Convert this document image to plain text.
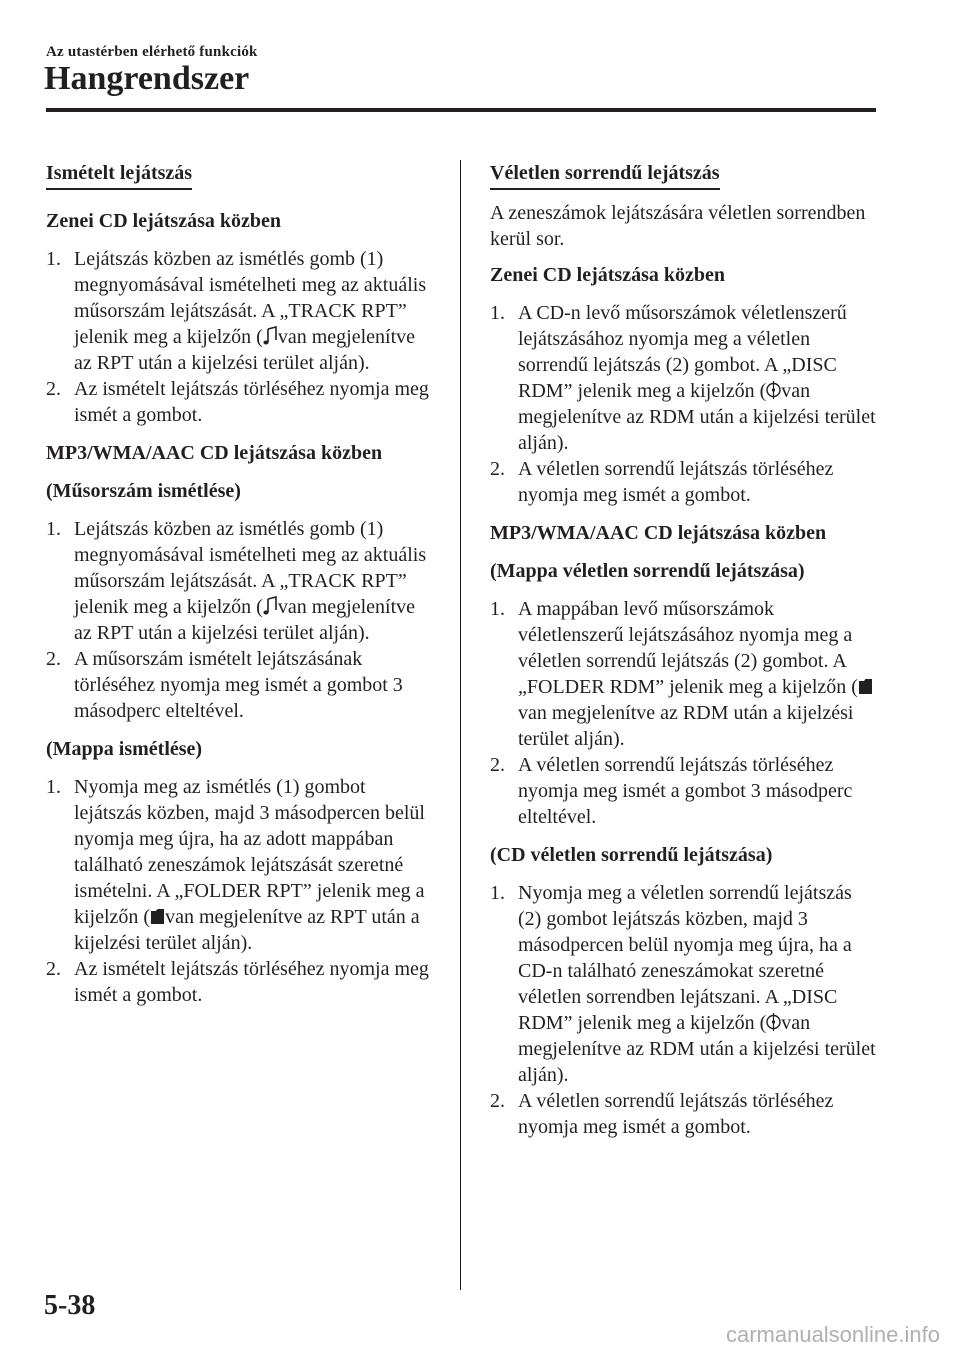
Az utastérben elérhető funkciók
Hangrendszer
Ismételt lejátszás
Zenei CD lejátszása közben
1. Lejátszás közben az ismétlés gomb (1) megnyomásával ismételheti meg az aktuális műsorszám lejátszását. A „TRACK RPT” jelenik meg a kijelzőn ( van megjelenítve az RPT után a kijelzési terület alján).
2. Az ismételt lejátszás törléséhez nyomja meg ismét a gombot.
MP3/WMA/AAC CD lejátszása közben
(Műsorszám ismétlése)
1. Lejátszás közben az ismétlés gomb (1) megnyomásával ismételheti meg az aktuális műsorszám lejátszását. A „TRACK RPT” jelenik meg a kijelzőn ( van megjelenítve az RPT után a kijelzési terület alján).
2. A műsorszám ismételt lejátszásának törléséhez nyomja meg ismét a gombot 3 másodperc elteltével.
(Mappa ismétlése)
1. Nyomja meg az ismétlés (1) gombot lejátszás közben, majd 3 másodpercen belül nyomja meg újra, ha az adott mappában található zeneszámok lejátszását szeretné ismételni. A „FOLDER RPT” jelenik meg a kijelzőn ( van megjelenítve az RPT után a kijelzési terület alján).
2. Az ismételt lejátszás törléséhez nyomja meg ismét a gombot.
Véletlen sorrendű lejátszás
A zeneszámok lejátszására véletlen sorrendben kerül sor.
Zenei CD lejátszása közben
1. A CD-n levő műsorszámok véletlenszerű lejátszásához nyomja meg a véletlen sorrendű lejátszás (2) gombot. A „DISC RDM” jelenik meg a kijelzőn ( van megjelenítve az RDM után a kijelzési terület alján).
2. A véletlen sorrendű lejátszás törléséhez nyomja meg ismét a gombot.
MP3/WMA/AAC CD lejátszása közben
(Mappa véletlen sorrendű lejátszása)
1. A mappában levő műsorszámok véletlenszerű lejátszásához nyomja meg a véletlen sorrendű lejátszás (2) gombot. A „FOLDER RDM” jelenik meg a kijelzőn (van megjelenítve az RDM után a kijelzési terület alján).
2. A véletlen sorrendű lejátszás törléséhez nyomja meg ismét a gombot 3 másodperc elteltével.
(CD véletlen sorrendű lejátszása)
1. Nyomja meg a véletlen sorrendű lejátszás (2) gombot lejátszás közben, majd 3 másodpercen belül nyomja meg újra, ha a CD-n található zeneszámokat szeretné véletlen sorrendben lejátszani. A „DISC RDM” jelenik meg a kijelzőn ( van megjelenítve az RDM után a kijelzési terület alján).
2. A véletlen sorrendű lejátszás törléséhez nyomja meg ismét a gombot.
5-38
carmanualsonline.info
